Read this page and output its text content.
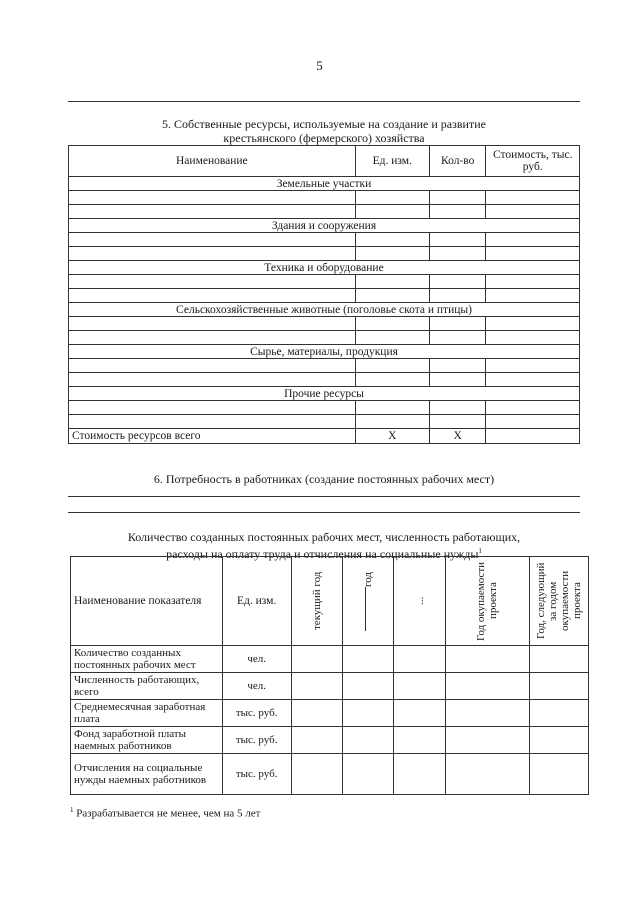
5
5. Собственные ресурсы, используемые на создание и развитие
крестьянского (фермерского) хозяйства
Наименование	Ед. изм.	Кол-во	Стоимость, тыс. руб.
Земельные участки			

Здания и сооружения			

Техника и оборудование			

Сельскохозяйственные животные (поголовье скота и птицы)			

Сырье, материалы, продукция			

Прочие ресурсы			

Стоимость ресурсов всего	X	X	
6. Потребность в работниках (создание постоянных рабочих мест)
Количество созданных постоянных рабочих мест, численность работающих,
расходы на оплату труда и отчисления на социальные нужды$^1$
Наименование показателя	Ед. изм.	текущий год	год	...	Год окупаемости проекта	Год, следующий за годом окупаемости проекта

Количество созданных постоянных рабочих мест	чел.					
Численность работающих, всего	чел.					
Среднемесячная заработная плата	тыс. руб.					
Фонд заработной платы наемных работников	тыс. руб.					
Отчисления на социальные нужды наемных работников	тыс. руб.					
$^1$ Разрабатывается не менее, чем на 5 лет
